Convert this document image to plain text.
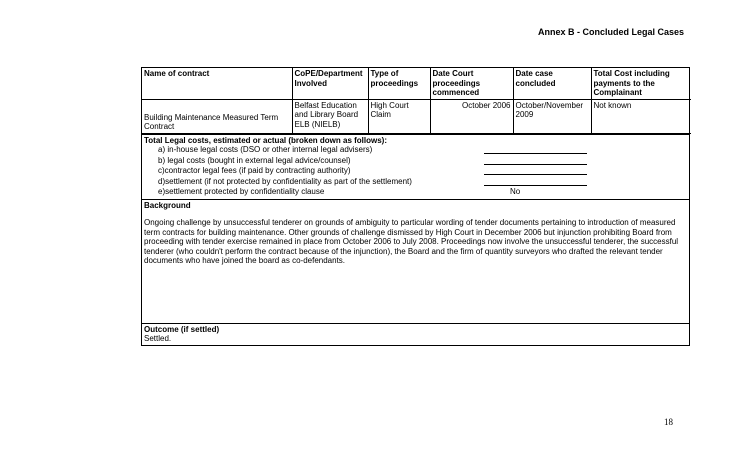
Annex B - Concluded Legal Cases
Name of contract	CoPE/Department Involved	Type of proceedings	Date Court proceedings commenced	Date case concluded	Total Cost including payments to the Complainant
Building Maintenance Measured Term Contract	Belfast Education and Library Board ELB (NIELB)	High Court Claim	October 2006	October/November 2009	Not known
Total Legal costs, estimated or actual (broken down as follows):
a) in-house legal costs (DSO or other internal legal advisers)
b) legal costs (bought in external legal advice/counsel)
c)contractor legal fees (if paid by contracting authority)
d)settlement (if not protected by confidentiality as part of the settlement)
e)settlement protected by confidentiality clause	No
Background
Ongoing challenge by unsuccessful tenderer on grounds of ambiguity to particular wording of tender documents pertaining to introduction of measured term contracts for building maintenance. Other grounds of challenge dismissed by High Court in December 2006 but injunction prohibiting Board from proceeding with tender exercise remained in place from October 2006 to July 2008. Proceedings now involve the unsuccessful tenderer, the successful tenderer (who couldn't perform the contract because of the injunction), the Board and the firm of quantity surveyors who drafted the relevant tender documents who have joined the board as co-defendants.
Outcome (if settled)
Settled.
18
